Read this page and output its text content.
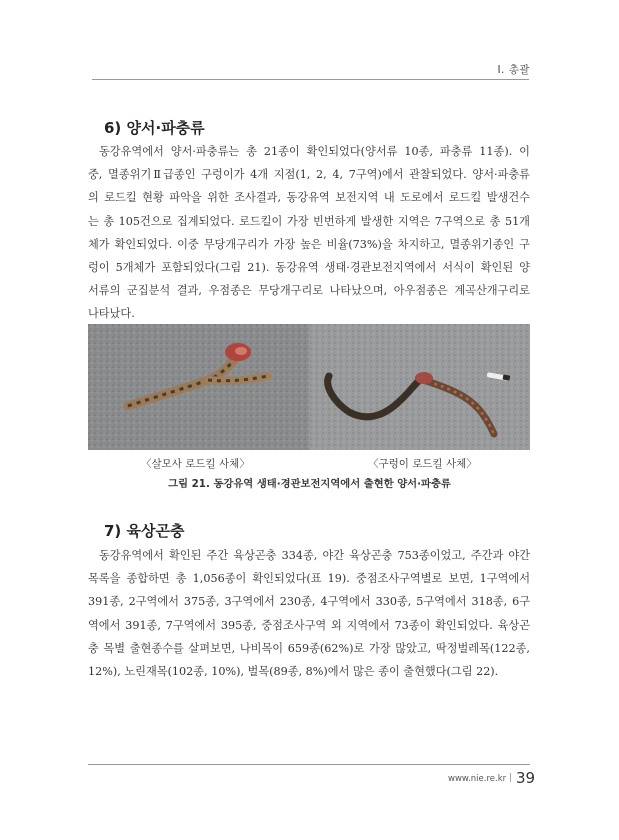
I. 총괄
6) 양서·파충류
동강유역에서 양서·파충류는 총 21종이 확인되었다(양서류 10종, 파충류 11종). 이
중, 멸종위기Ⅱ급종인 구렁이가 4개 지점(1, 2, 4, 7구역)에서 관찰되었다. 양서·파충류
의 로드킬 현황 파악을 위한 조사결과, 동강유역 보전지역 내 도로에서 로드킬 발생건수
는 총 105건으로 집계되었다. 로드킬이 가장 빈번하게 발생한 지역은 7구역으로 총 51개
체가 확인되었다. 이중 무당개구리가 가장 높은 비율(73%)을 차지하고, 멸종위기종인 구
렁이 5개체가 포함되었다(그림 21). 동강유역 생태·경관보전지역에서 서식이 확인된 양
서류의 군집분석 결과, 우점종은 무당개구리로 나타났으며, 아우점종은 계곡산개구리로
나타났다.
〈살모사 로드킬 사체〉	〈구렁이 로드킬 사체〉
그림 21. 동강유역 생태·경관보전지역에서 출현한 양서·파충류
7) 육상곤충
동강유역에서 확인된 주간 육상곤충 334종, 야간 육상곤충 753종이었고, 주간과 야간
목록을 종합하면 총 1,056종이 확인되었다(표 19). 중점조사구역별로 보면, 1구역에서
391종, 2구역에서 375종, 3구역에서 230종, 4구역에서 330종, 5구역에서 318종, 6구
역에서 391종, 7구역에서 395종, 중점조사구역 외 지역에서 73종이 확인되었다. 육상곤
충 목별 출현종수를 살펴보면, 나비목이 659종(62%)로 가장 많았고, 딱정벌레목(122종,
12%), 노린재목(102종, 10%), 벌목(89종, 8%)에서 많은 종이 출현했다(그림 22).
www.nie.re.kr | 39
